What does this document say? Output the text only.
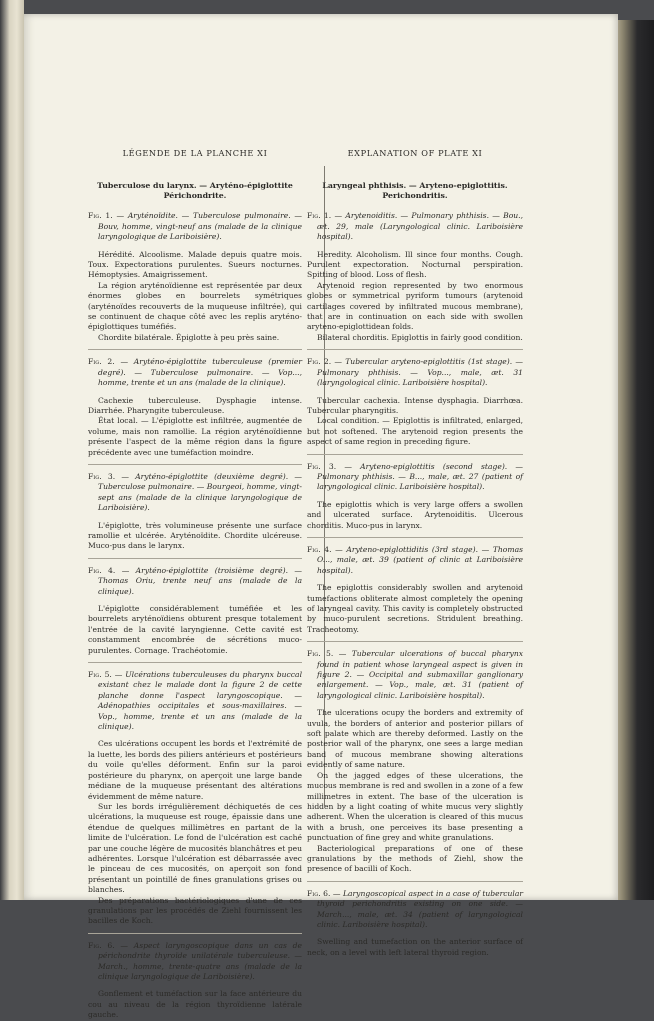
LÉGENDE DE LA PLANCHE XI
Tuberculose du larynx. — Aryténo-épiglottite Périchondrite.
Fig. 1. — Aryténoïdite. — Tuberculose pulmonaire. — Bouv, homme, vingt-neuf ans (malade de la clinique laryngologique de Lariboisière).

Hérédité. Alcoolisme. Malade depuis quatre mois. Toux. Expectorations purulentes. Sueurs nocturnes. Hémoptysies. Amaigrissement.

La région aryténoïdienne est représentée par deux énormes globes en bourrelets symétriques (aryténoïdes recouverts de la muqueuse infiltrée), qui se continuent de chaque côté avec les replis aryténo-épiglottiques tuméfiés.

Chordite bilatérale. Épiglotte à peu près saine.

Fig. 2. — Aryténo-épiglottite tuberculeuse (premier degré). — Tuberculose pulmonaire. — Vop..., homme, trente et un ans (malade de la clinique).

Cachexie tuberculeuse. Dysphagie intense. Diarrhée. Pharyngite tuberculeuse.

État local. — L'épiglotte est infiltrée, augmentée de volume, mais non ramollie. La région aryténoïdienne présente l'aspect de la même région dans la figure précédente avec une tuméfaction moindre.

Fig. 3. — Aryténo-épiglottite (deuxième degré). — Tuberculose pulmonaire. — Bourgeoi, homme, vingt-sept ans (malade de la clinique laryngologique de Lariboisière).

L'épiglotte, très volumineuse présente une surface ramollie et ulcérée. Aryténoïdite. Chordite ulcéreuse. Muco-pus dans le larynx.

Fig. 4. — Aryténo-épiglottite (troisième degré). — Thomas Oriu, trente neuf ans (malade de la clinique).

L'épiglotte considérablement tuméfiée et les bourrelets aryténoïdiens obturent presque totalement l'entrée de la cavité laryngienne. Cette cavité est constamment encombrée de sécrétions muco-purulentes. Cornage. Trachéotomie.

Fig. 5. — Ulcérations tuberculeuses du pharynx buccal existant chez le malade dont la figure 2 de cette planche donne l'aspect laryngoscopique. — Adénopathies occipitales et sous-maxillaires. — Vop., homme, trente et un ans (malade de la clinique).

Ces ulcérations occupent les bords et l'extrémité de la luette, les bords des piliers antérieurs et postérieurs du voile qu'elles déforment. Enfin sur la paroi postérieure du pharynx, on aperçoit une large bande médiane de la muqueuse présentant des altérations évidemment de même nature.

Sur les bords irrégulièrement déchiquetés de ces ulcérations, la muqueuse est rouge, épaissie dans une étendue de quelques millimètres en partant de la limite de l'ulcération. Le fond de l'ulcération est caché par une couche légère de mucosités blanchâtres et peu adhérentes. Lorsque l'ulcération est débarrassée avec le pinceau de ces mucosités, on aperçoit son fond présentant un pointillé de fines granulations grises ou blanches.

Des préparations bactériologiques d'une de ces granulations par les procédés de Ziehl fournissent les bacilles de Koch.

Fig. 6. — Aspect laryngoscopique dans un cas de périchondrite thyroïde unilatérale tuberculeuse. — March., homme, trente-quatre ans (malade de la clinique laryngologique de Lariboisière).

Gonflement et tuméfaction sur la face antérieure du cou au niveau de la région thyroïdienne latérale gauche.

EXPLANATION OF PLATE XI
Laryngeal phthisis. — Aryteno-epiglottitis. Perichondritis.
Fig. 1. — Arytenoiditis. — Pulmonary phthisis. — Bou., æt. 29, male (Laryngological clinic. Lariboisière hospital).

Heredity. Alcoholism. Ill since four months. Cough. Purulent expectoration. Nocturnal perspiration. Spitting of blood. Loss of flesh.

Arytenoid region represented by two enormous globes or symmetrical pyriform tumours (arytenoid cartilages covered by infiltrated mucous membrane), that are in continuation on each side with swollen aryteno-epiglottidean folds.

Bilateral chorditis. Epiglottis in fairly good condition.

Fig. 2. — Tubercular aryteno-epiglottitis (1st stage). — Pulmonary phthisis. — Vop..., male, æt. 31 (laryngological clinic. Lariboisière hospital).

Tubercular cachexia. Intense dysphagia. Diarrhœa. Tubercular pharyngitis.

Local condition. — Epiglottis is infiltrated, enlarged, but not softened. The arytenoid region presents the aspect of same region in preceding figure.

Fig. 3. — Aryteno-epiglottitis (second stage). — Pulmonary phthisis. — B..., male, æt. 27 (patient of laryngological clinic. Lariboisière hospital).

The epiglottis which is very large offers a swollen and ulcerated surface. Arytenoiditis. Ulcerous chorditis. Muco-pus in larynx.

Fig. 4. — Aryteno-epiglottiditis (3rd stage). — Thomas O..., male, æt. 39 (patient of clinic at Lariboisière hospital).

The epiglottis considerably swollen and arytenoid tumefactions obliterate almost completely the opening of laryngeal cavity. This cavity is completely obstructed by muco-purulent secretions. Stridulent breathing. Tracheotomy.

Fig. 5. — Tubercular ulcerations of buccal pharynx found in patient whose laryngeal aspect is given in figure 2. — Occipital and submaxillar ganglionary enlargement. — Vop., male, æt. 31 (patient of laryngological clinic. Lariboisière hospital).

The ulcerations ocupy the borders and extremity of uvula, the borders of anterior and posterior pillars of soft palate which are thereby deformed. Lastly on the posterior wall of the pharynx, one sees a large median band of mucous membrane showing alterations evidently of same nature.

On the jagged edges of these ulcerations, the mucous membrane is red and swollen in a zone of a few millimetres in extent. The base of the ulceration is hidden by a light coating of white mucus very slightly adherent. When the ulceration is cleared of this mucus with a brush, one perceives its base presenting a punctuation of fine grey and white granulations.

Bacteriological preparations of one of these granulations by the methods of Ziehl, show the presence of bacilli of Koch.

Fig. 6. — Laryngoscopical aspect in a case of tubercular thyroid perichondritis existing on one side. — March..., male, æt. 34 (patient of laryngological clinic. Lariboisière hospital).

Swelling and tumefaction on the anterior surface of neck, on a level with left lateral thyroid region.
